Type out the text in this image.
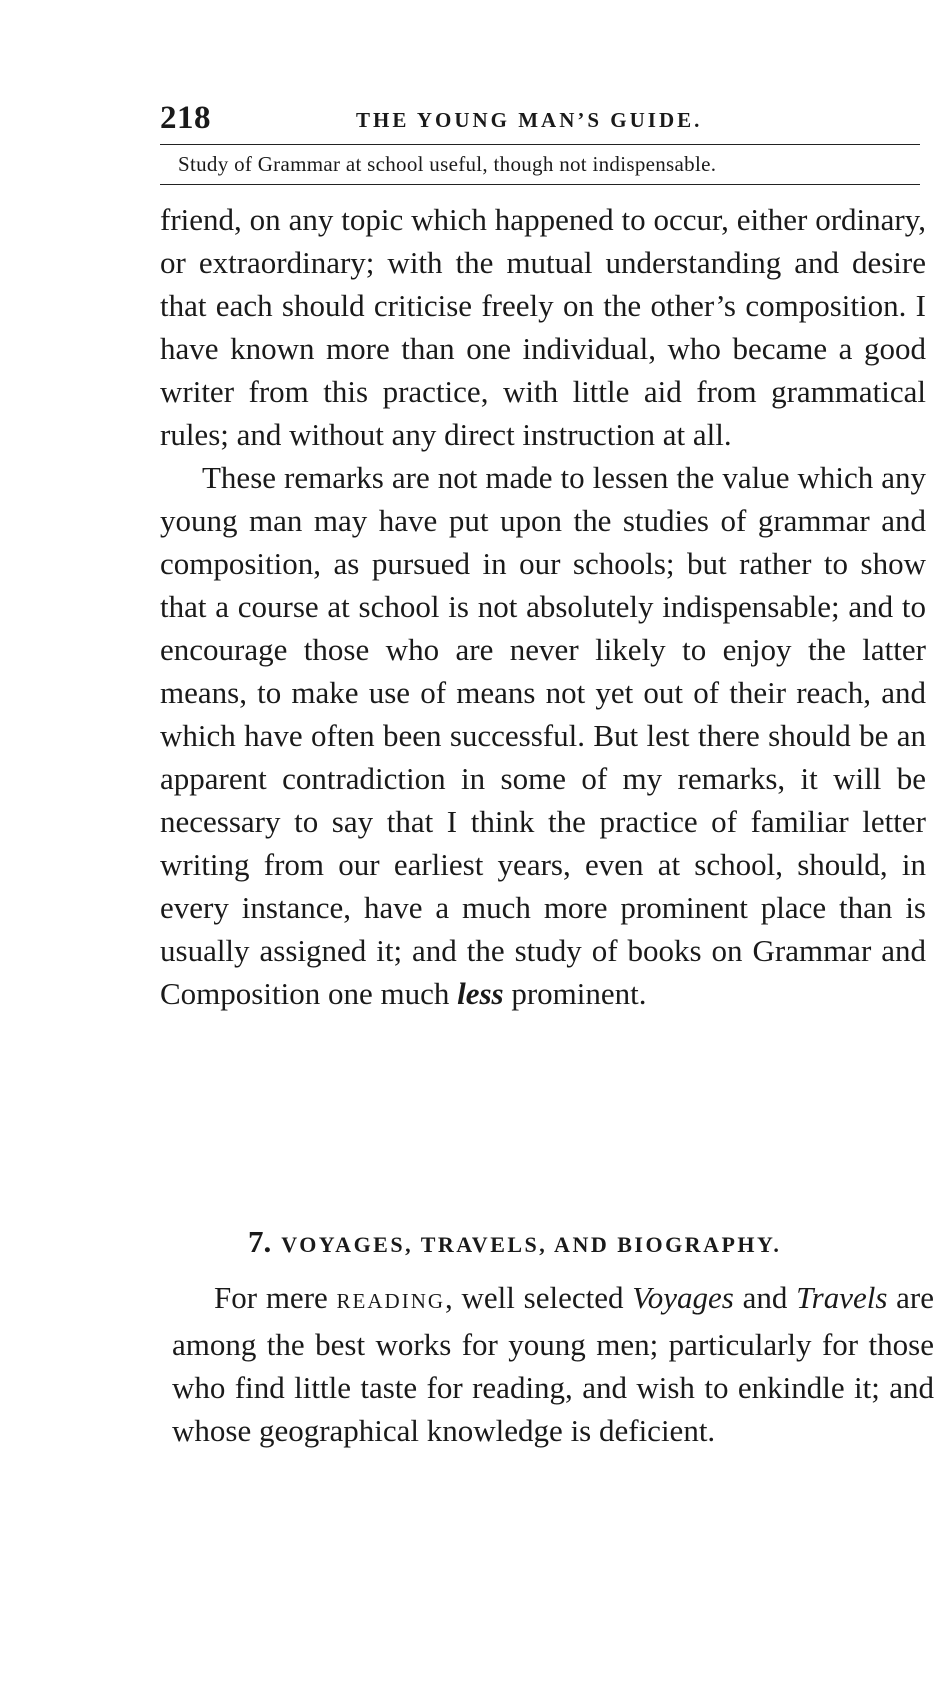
218	THE YOUNG MAN’S GUIDE.
Study of Grammar at school useful, though not indispensable.

friend, on any topic which happened to occur, either ordinary, or extraordinary; with the mutual understanding and desire that each should criticise freely on the other’s composition. I have known more than one individual, who became a good writer from this practice, with little aid from grammatical rules; and without any direct instruction at all.

These remarks are not made to lessen the value which any young man may have put upon the studies of grammar and composition, as pursued in our schools; but rather to show that a course at school is not absolutely indispensable; and to encourage those who are never likely to enjoy the latter means, to make use of means not yet out of their reach, and which have often been successful. But lest there should be an apparent contradiction in some of my remarks, it will be necessary to say that I think the practice of familiar letter writing from our earliest years, even at school, should, in every instance, have a much more prominent place than is usually assigned it; and the study of books on Grammar and Composition one much less prominent.

7. VOYAGES, TRAVELS, AND BIOGRAPHY.

For mere READING, well selected Voyages and Travels are among the best works for young men; particularly for those who find little taste for reading, and wish to enkindle it; and whose geographical knowledge is deficient.
